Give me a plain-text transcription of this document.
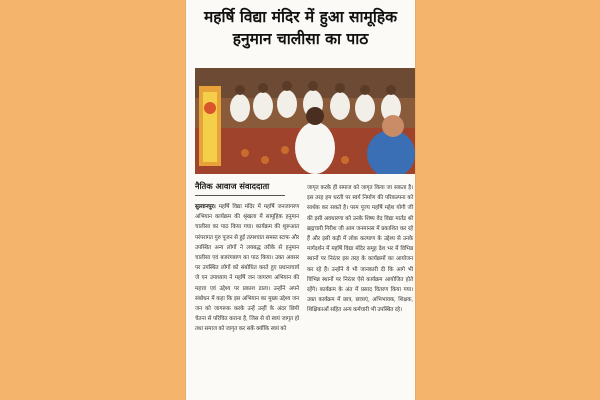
महर्षि विद्या मंदिर में हुआ सामूहिक
हनुमान चालीसा का पाठ
नैतिक आवाज संवाददाता
सुल्तानपुर। महर्षि विद्या मंदिर में महर्षि जनजागरण अभियान कार्यक्रम की श्रृंखला में सामूहिक हनुमान चालीसा का पाठ किया गया। कार्यक्रम की शुरूआत परंपरागत गुरु पूजन से हुई तत्पश्चात समस्त स्टाफ और उपस्थित अन्य लोगों ने लयबद्ध तरीके से हनुमान चालीसा एवं बजरंगबाण का पाठ किया। उक्त अवसर पर उपस्थित लोगों को संबोधित करते हुए प्रधानाचार्य जे एन उपाध्याय ने महर्षि जन जागरण अभियान की महत्ता एवं उद्देश्य पर प्रकाश डाला। उन्होंने अपने संबोधन में कहा कि इस अभियान का मुख्य उद्देश्य जन जन को जागरूक करके उन्हें उन्हीं के अंदर छिपी चेतना से परिचित कराना है, जिस से वो स्वयं जागृत हो तथा समाज को जागृत कर सकें क्योंकि स्वयं को
जागृत करके ही समाज को जागृत किया जा सकता है। इस तरह हम धरती पर स्वर्ग निर्माण की परिकल्पना को सार्थक कर सकते है। परम पूज्य महर्षि महेश योगी जी की इसी अवधारणा को उनके शिष्य वेद विद्या मार्तंड श्री ब्रह्मचारी गिरीश जी आम जनमानस में प्रकाशित कर रहे हैं और इसी कड़ी में लोक कल्याण के उद्देश्य से उनके मार्गदर्शन में महर्षि विद्या मंदिर समूह देश भर में विभिन्न स्थानों पर निरंतर इस तरह के कार्यक्रमों का आयोजन कर रहे हैं। उन्होंने ये भी जानकारी दी कि आगे भी विभिन्न स्थानों पर निरंतर ऐसे कार्यक्रम आयोजित होते रहेंगे। कार्यक्रम के अंत में प्रसाद वितरण किया गया। उक्त कार्यक्रम में छात्र, छात्राएं, अभिभावक, शिक्षक, शिक्षिकाओं सहित अन्य कर्मचारी भी उपस्थित रहे।
